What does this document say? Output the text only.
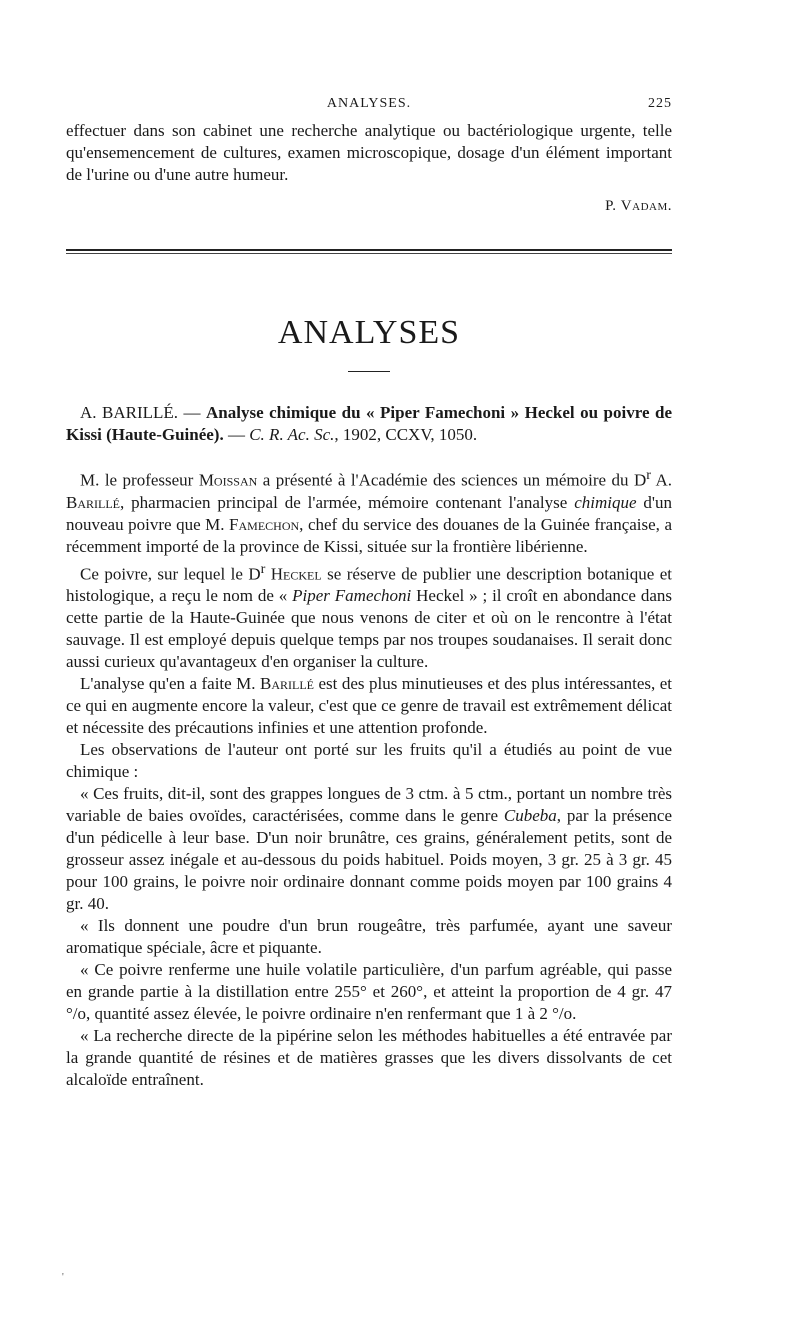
ANALYSES.	225

effectuer dans son cabinet une recherche analytique ou bactériologique urgente, telle qu'ensemencement de cultures, examen microscopique, dosage d'un élément important de l'urine ou d'une autre humeur.

P. Vadam.
ANALYSES

A. BARILLÉ. — Analyse chimique du « Piper Famechoni » Heckel ou poivre de Kissi (Haute-Guinée). — C. R. Ac. Sc., 1902, CCXV, 1050.

M. le professeur Moissan a présenté à l'Académie des sciences un mémoire du $D^r$ A. Barillé, pharmacien principal de l'armée, mémoire contenant l'analyse chimique d'un nouveau poivre que M. Famechon, chef du service des douanes de la Guinée française, a récemment importé de la province de Kissi, située sur la frontière libérienne.

Ce poivre, sur lequel le $D^r$ Heckel se réserve de publier une description botanique et histologique, a reçu le nom de « Piper Famechoni Heckel » ; il croît en abondance dans cette partie de la Haute-Guinée que nous venons de citer et où on le rencontre à l'état sauvage. Il est employé depuis quelque temps par nos troupes soudanaises. Il serait donc aussi curieux qu'avantageux d'en organiser la culture.

L'analyse qu'en a faite M. Barillé est des plus minutieuses et des plus intéressantes, et ce qui en augmente encore la valeur, c'est que ce genre de travail est extrêmement délicat et nécessite des précautions infinies et une attention profonde.

Les observations de l'auteur ont porté sur les fruits qu'il a étudiés au point de vue chimique :

« Ces fruits, dit-il, sont des grappes longues de 3 ctm. à 5 ctm., portant un nombre très variable de baies ovoïdes, caractérisées, comme dans le genre Cubeba, par la présence d'un pédicelle à leur base. D'un noir brunâtre, ces grains, généralement petits, sont de grosseur assez inégale et au-dessous du poids habituel. Poids moyen, 3 gr. 25 à 3 gr. 45 pour 100 grains, le poivre noir ordinaire donnant comme poids moyen par 100 grains 4 gr. 40.

« Ils donnent une poudre d'un brun rougeâtre, très parfumée, ayant une saveur aromatique spéciale, âcre et piquante.

« Ce poivre renferme une huile volatile particulière, d'un parfum agréable, qui passe en grande partie à la distillation entre 255° et 260°, et atteint la proportion de 4 gr. 47 °/o, quantité assez élevée, le poivre ordinaire n'en renfermant que 1 à 2 °/o.

« La recherche directe de la pipérine selon les méthodes habituelles a été entravée par la grande quantité de résines et de matières grasses que les divers dissolvants de cet alcaloïde entraînent.

'
